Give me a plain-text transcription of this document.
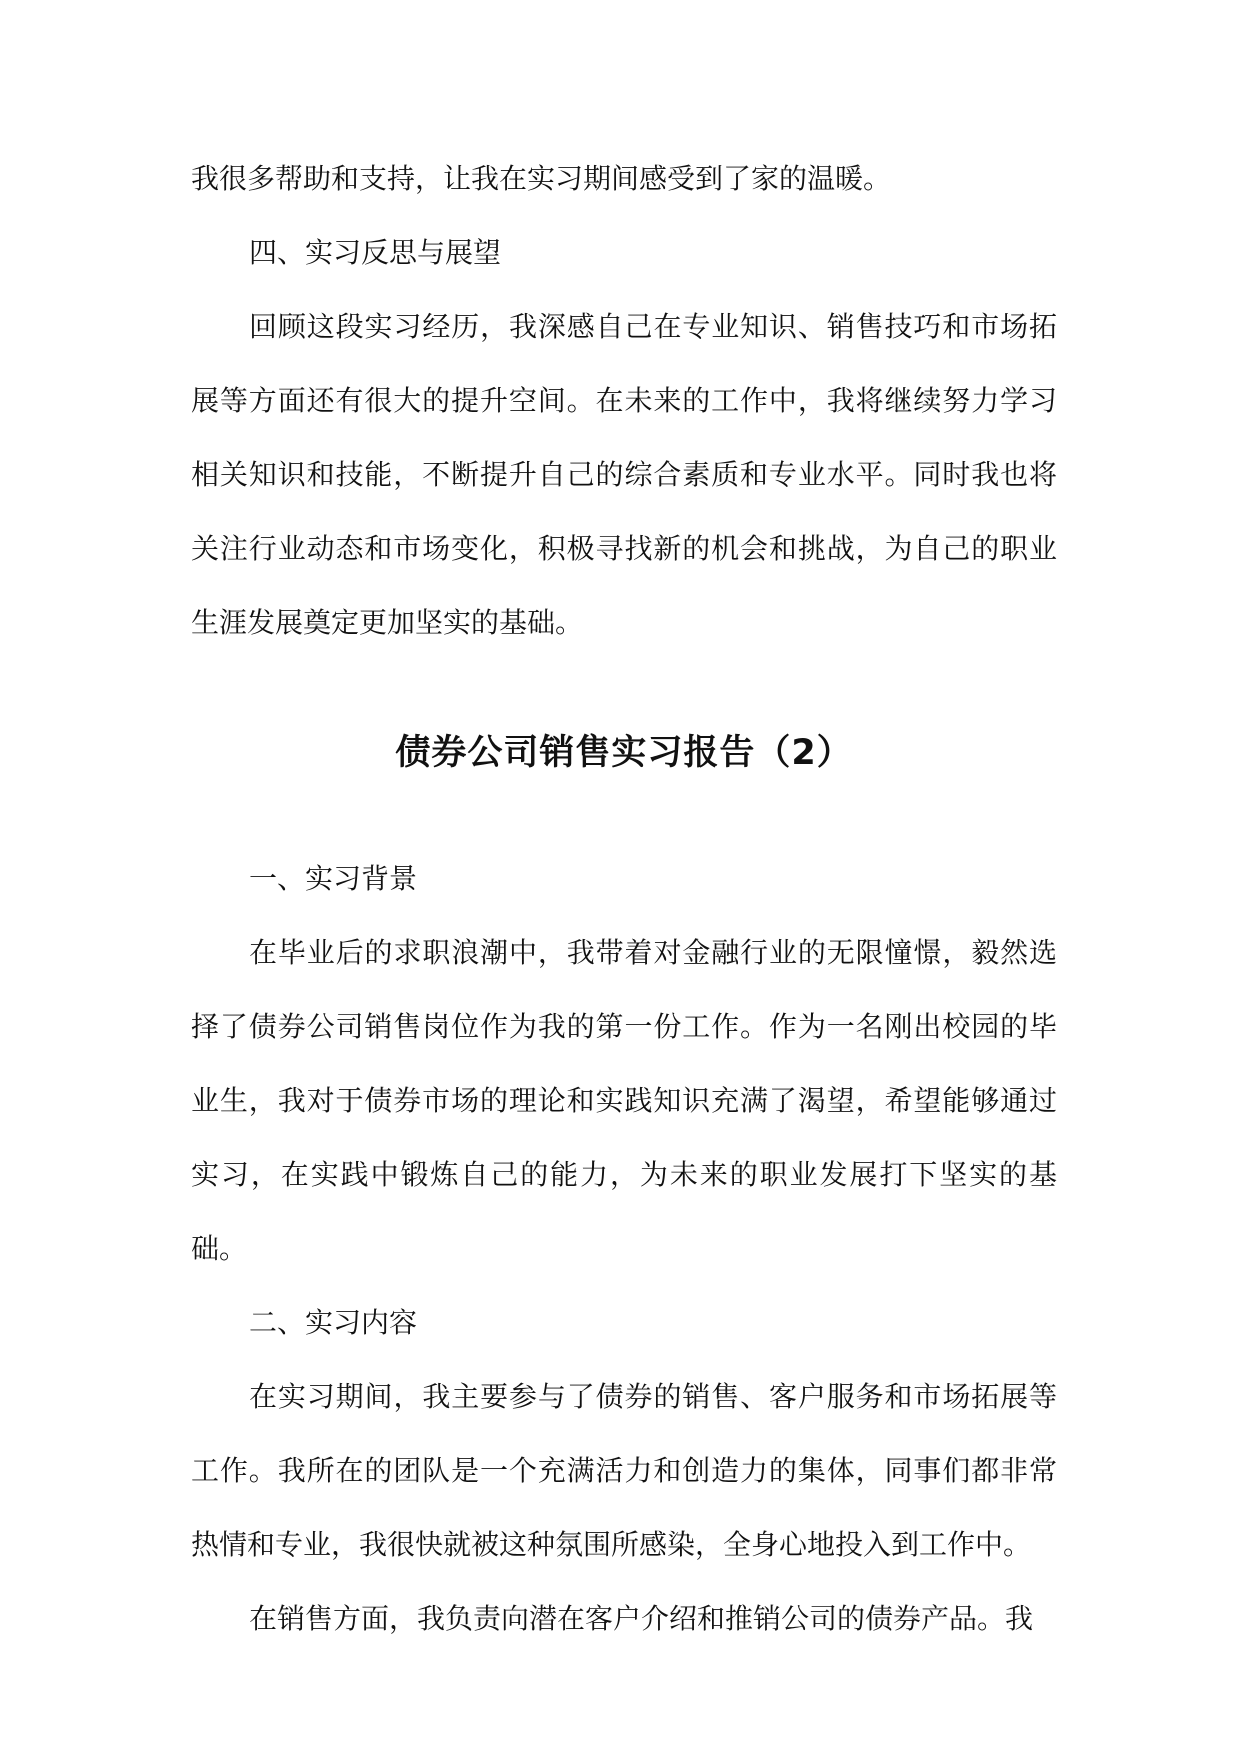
我很多帮助和支持，让我在实习期间感受到了家的温暖。

四、实习反思与展望

回顾这段实习经历，我深感自己在专业知识、销售技巧和市场拓展等方面还有很大的提升空间。在未来的工作中，我将继续努力学习相关知识和技能，不断提升自己的综合素质和专业水平。同时我也将关注行业动态和市场变化，积极寻找新的机会和挑战，为自己的职业生涯发展奠定更加坚实的基础。

债券公司销售实习报告（2）

一、实习背景

在毕业后的求职浪潮中，我带着对金融行业的无限憧憬，毅然选择了债券公司销售岗位作为我的第一份工作。作为一名刚出校园的毕业生，我对于债券市场的理论和实践知识充满了渴望，希望能够通过实习，在实践中锻炼自己的能力，为未来的职业发展打下坚实的基础。

二、实习内容

在实习期间，我主要参与了债券的销售、客户服务和市场拓展等工作。我所在的团队是一个充满活力和创造力的集体，同事们都非常热情和专业，我很快就被这种氛围所感染，全身心地投入到工作中。

在销售方面，我负责向潜在客户介绍和推销公司的债券产品。我
